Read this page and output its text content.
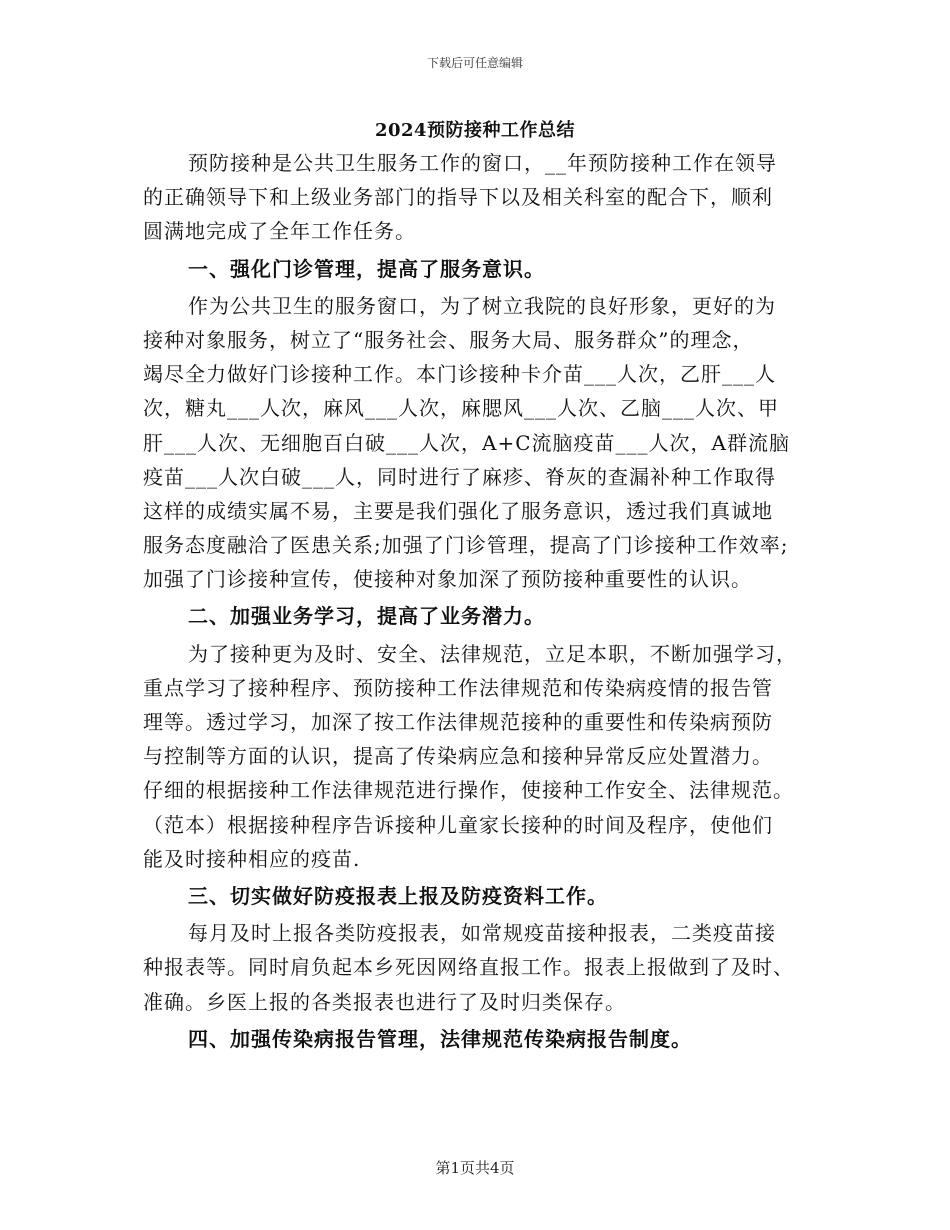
下载后可任意编辑
2024预防接种工作总结
预防接种是公共卫生服务工作的窗口，__年预防接种工作在领导
的正确领导下和上级业务部门的指导下以及相关科室的配合下，顺利
圆满地完成了全年工作任务。
一、强化门诊管理，提高了服务意识。
作为公共卫生的服务窗口，为了树立我院的良好形象，更好的为
接种对象服务，树立了“服务社会、服务大局、服务群众”的理念，
竭尽全力做好门诊接种工作。本门诊接种卡介苗___人次，乙肝___人
次，糖丸___人次，麻风___人次，麻腮风___人次、乙脑___人次、甲
肝___人次、无细胞百白破___人次，A+C流脑疫苗___人次，A群流脑
疫苗___人次白破___人，同时进行了麻疹、脊灰的查漏补种工作取得
这样的成绩实属不易，主要是我们强化了服务意识，透过我们真诚地
服务态度融洽了医患关系;加强了门诊管理，提高了门诊接种工作效率;
加强了门诊接种宣传，使接种对象加深了预防接种重要性的认识。
二、加强业务学习，提高了业务潜力。
为了接种更为及时、安全、法律规范，立足本职，不断加强学习，
重点学习了接种程序、预防接种工作法律规范和传染病疫情的报告管
理等。透过学习，加深了按工作法律规范接种的重要性和传染病预防
与控制等方面的认识，提高了传染病应急和接种异常反应处置潜力。
仔细的根据接种工作法律规范进行操作，使接种工作安全、法律规范。
（范本）根据接种程序告诉接种儿童家长接种的时间及程序，使他们
能及时接种相应的疫苗.
三、切实做好防疫报表上报及防疫资料工作。
每月及时上报各类防疫报表，如常规疫苗接种报表，二类疫苗接
种报表等。同时肩负起本乡死因网络直报工作。报表上报做到了及时、
准确。乡医上报的各类报表也进行了及时归类保存。
四、加强传染病报告管理，法律规范传染病报告制度。
第1页共4页
